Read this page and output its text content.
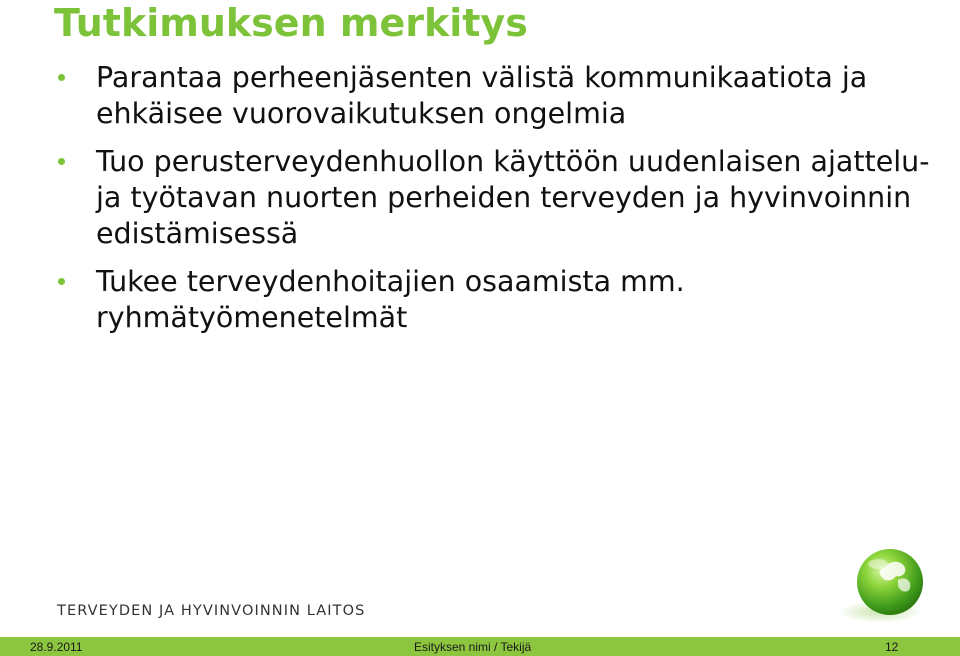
Tutkimuksen merkitys
Parantaa perheenjäsenten välistä kommunikaatiota ja ehkäisee vuorovaikutuksen ongelmia
Tuo perusterveydenhuollon käyttöön uudenlaisen ajattelu- ja työtavan nuorten perheiden terveyden ja hyvinvoinnin edistämisessä
Tukee terveydenhoitajien osaamista mm. ryhmätyömenetelmät
TERVEYDEN JA HYVINVOINNIN LAITOS
28.9.2011	Esityksen nimi / Tekijä	12
